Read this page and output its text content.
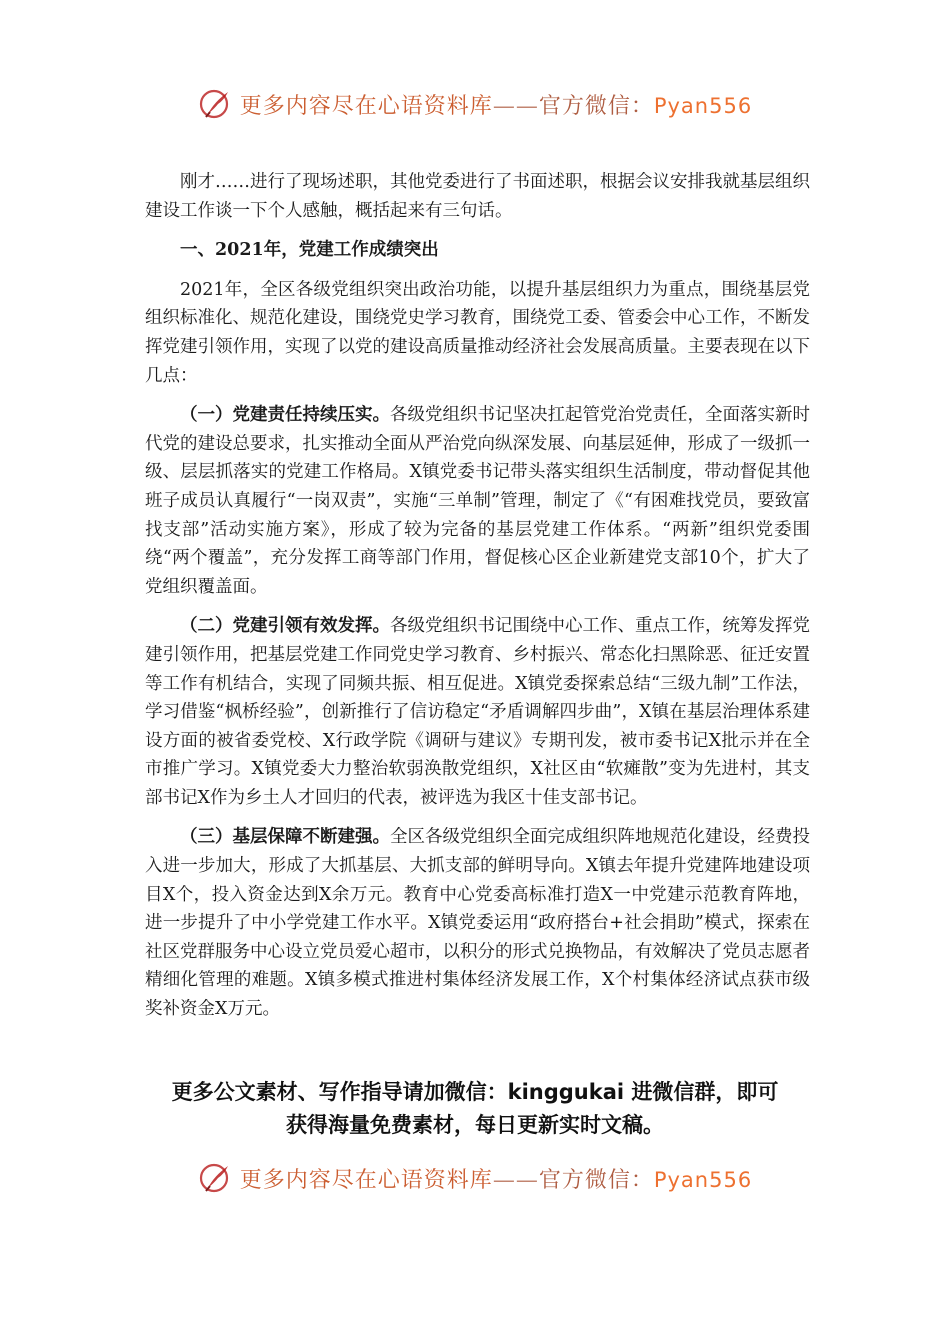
更多内容尽在心语资料库——官方微信：Pyan556

刚才……进行了现场述职，其他党委进行了书面述职，根据会议安排我就基层组织建设工作谈一下个人感触，概括起来有三句话。

一、2021年，党建工作成绩突出

2021年，全区各级党组织突出政治功能，以提升基层组织力为重点，围绕基层党组织标准化、规范化建设，围绕党史学习教育，围绕党工委、管委会中心工作，不断发挥党建引领作用，实现了以党的建设高质量推动经济社会发展高质量。主要表现在以下几点：

（一）党建责任持续压实。各级党组织书记坚决扛起管党治党责任，全面落实新时代党的建设总要求，扎实推动全面从严治党向纵深发展、向基层延伸，形成了一级抓一级、层层抓落实的党建工作格局。X镇党委书记带头落实组织生活制度，带动督促其他班子成员认真履行“一岗双责”，实施“三单制”管理，制定了《“有困难找党员，要致富找支部”活动实施方案》，形成了较为完备的基层党建工作体系。“两新”组织党委围绕“两个覆盖”，充分发挥工商等部门作用，督促核心区企业新建党支部10个，扩大了党组织覆盖面。

（二）党建引领有效发挥。各级党组织书记围绕中心工作、重点工作，统筹发挥党建引领作用，把基层党建工作同党史学习教育、乡村振兴、常态化扫黑除恶、征迁安置等工作有机结合，实现了同频共振、相互促进。X镇党委探索总结“三级九制”工作法，学习借鉴“枫桥经验”，创新推行了信访稳定“矛盾调解四步曲”，X镇在基层治理体系建设方面的被省委党校、X行政学院《调研与建议》专期刊发，被市委书记X批示并在全市推广学习。X镇党委大力整治软弱涣散党组织，X社区由“软瘫散”变为先进村，其支部书记X作为乡土人才回归的代表，被评选为我区十佳支部书记。

（三）基层保障不断建强。全区各级党组织全面完成组织阵地规范化建设，经费投入进一步加大，形成了大抓基层、大抓支部的鲜明导向。X镇去年提升党建阵地建设项目X个，投入资金达到X余万元。教育中心党委高标准打造X一中党建示范教育阵地，进一步提升了中小学党建工作水平。X镇党委运用“政府搭台+社会捐助”模式，探索在社区党群服务中心设立党员爱心超市，以积分的形式兑换物品，有效解决了党员志愿者精细化管理的难题。X镇多模式推进村集体经济发展工作，X个村集体经济试点获市级奖补资金X万元。

更多公文素材、写作指导请加微信：kinggukai 进微信群，即可
获得海量免费素材，每日更新实时文稿。
更多内容尽在心语资料库——官方微信：Pyan556
